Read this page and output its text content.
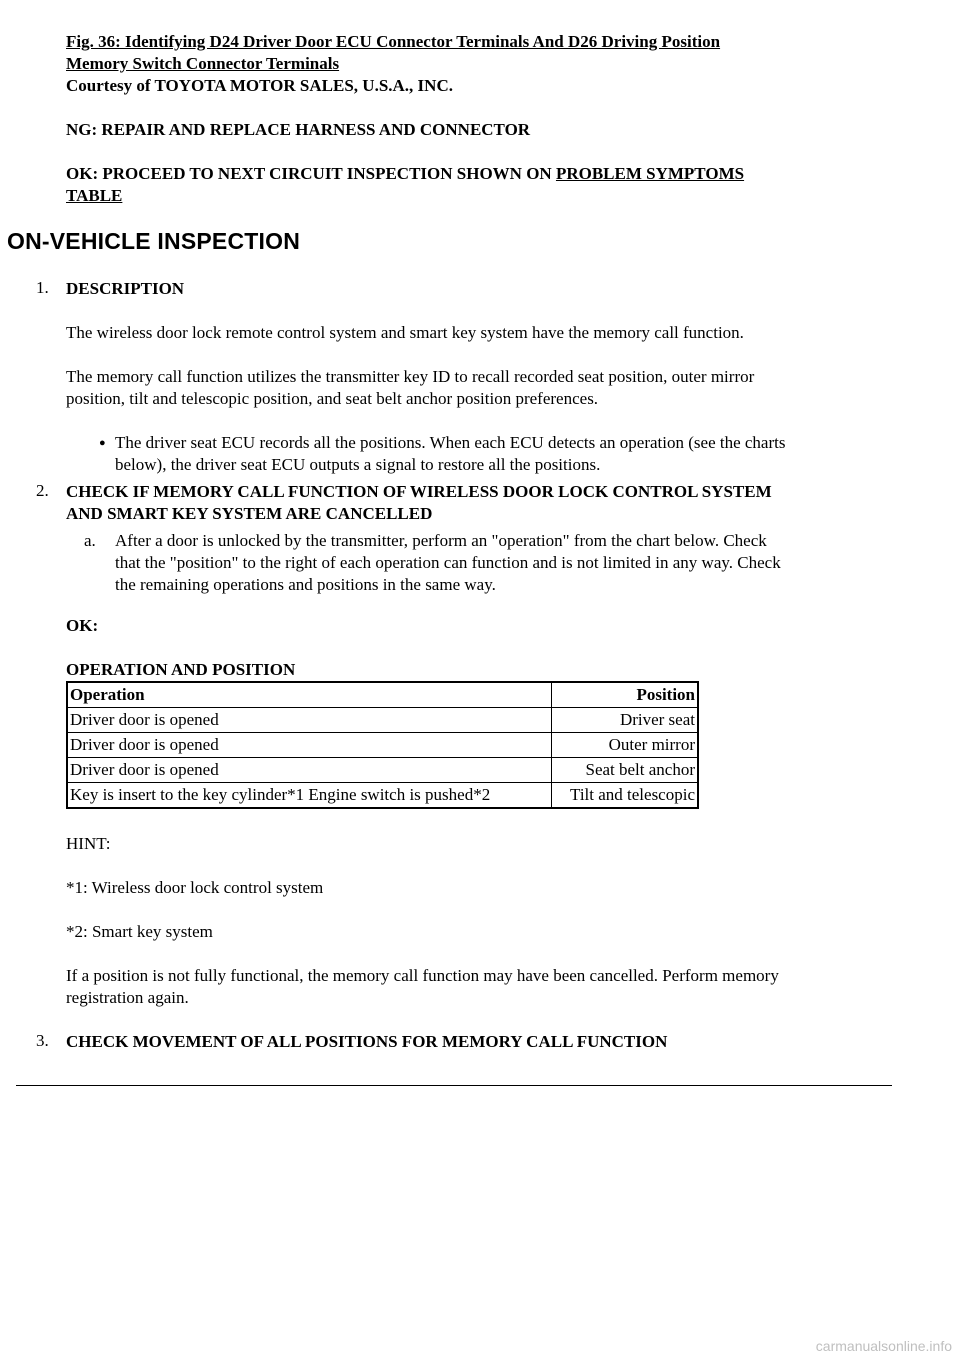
Fig. 36: Identifying D24 Driver Door ECU Connector Terminals And D26 Driving Position
Memory Switch Connector Terminals

Courtesy of TOYOTA MOTOR SALES, U.S.A., INC.

NG: REPAIR AND REPLACE HARNESS AND CONNECTOR

OK: PROCEED TO NEXT CIRCUIT INSPECTION SHOWN ON PROBLEM SYMPTOMS
TABLE

ON-VEHICLE INSPECTION
1. DESCRIPTION

The wireless door lock remote control system and smart key system have the memory call function.

The memory call function utilizes the transmitter key ID to recall recorded seat position, outer mirror
position, tilt and telescopic position, and seat belt anchor position preferences.

● The driver seat ECU records all the positions. When each ECU detects an operation (see the charts
below), the driver seat ECU outputs a signal to restore all the positions.

2. CHECK IF MEMORY CALL FUNCTION OF WIRELESS DOOR LOCK CONTROL SYSTEM
AND SMART KEY SYSTEM ARE CANCELLED

a. After a door is unlocked by the transmitter, perform an "operation" from the chart below. Check
that the "position" to the right of each operation can function and is not limited in any way. Check
the remaining operations and positions in the same way.

OK:

OPERATION AND POSITION

Operation	Position
Driver door is opened	Driver seat
Driver door is opened	Outer mirror
Driver door is opened	Seat belt anchor
Key is insert to the key cylinder*1 Engine switch is pushed*2	Tilt and telescopic

HINT:

*1: Wireless door lock control system

*2: Smart key system

If a position is not fully functional, the memory call function may have been cancelled. Perform memory
registration again.

3. CHECK MOVEMENT OF ALL POSITIONS FOR MEMORY CALL FUNCTION

carmanualsonline.info
